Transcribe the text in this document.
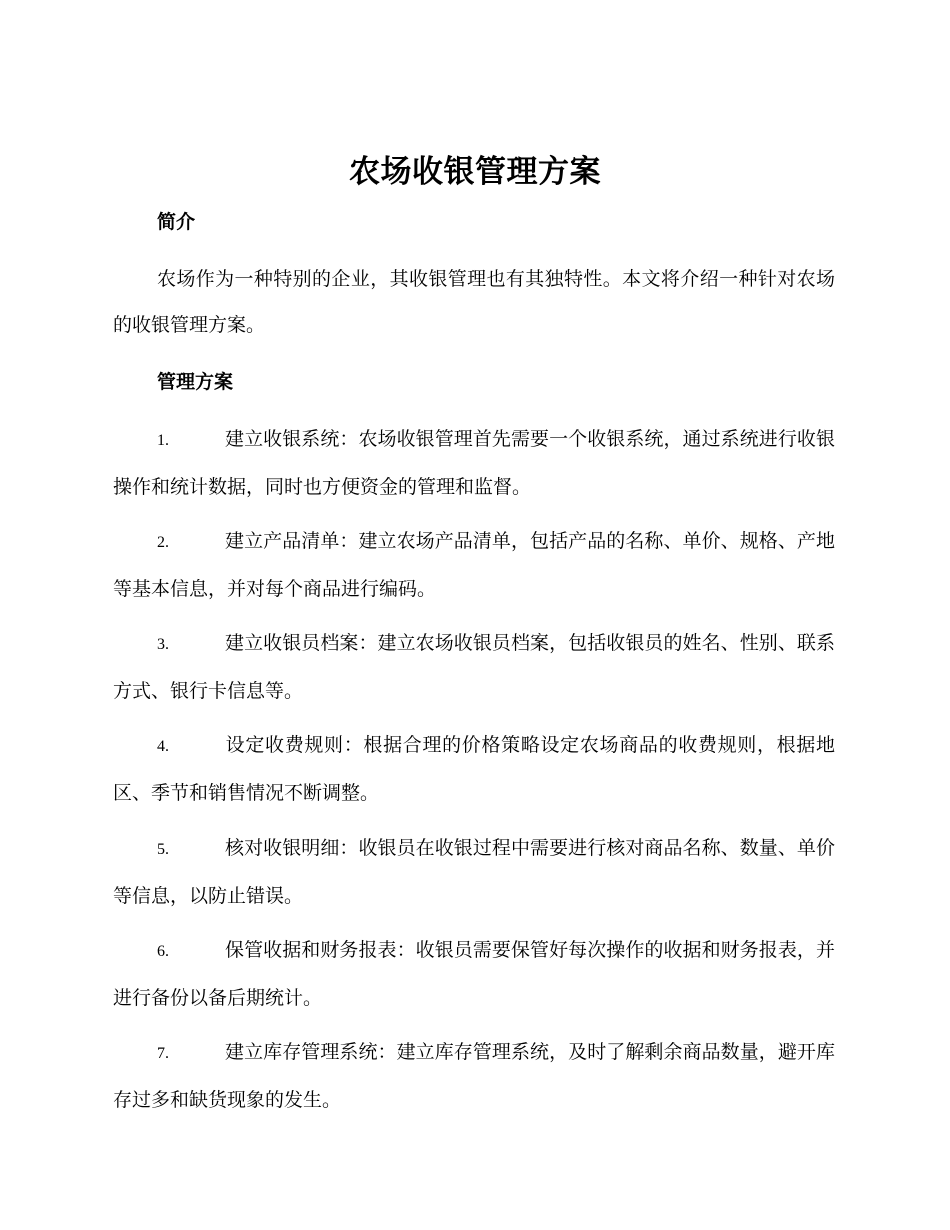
农场收银管理方案
简介

农场作为一种特别的企业，其收银管理也有其独特性。本文将介绍一种针对农场的收银管理方案。

管理方案
1.	建立收银系统：农场收银管理首先需要一个收银系统，通过系统进行收银操作和统计数据，同时也方便资金的管理和监督。
2.	建立产品清单：建立农场产品清单，包括产品的名称、单价、规格、产地等基本信息，并对每个商品进行编码。
3.	建立收银员档案：建立农场收银员档案，包括收银员的姓名、性别、联系方式、银行卡信息等。
4.	设定收费规则：根据合理的价格策略设定农场商品的收费规则，根据地区、季节和销售情况不断调整。
5.	核对收银明细：收银员在收银过程中需要进行核对商品名称、数量、单价等信息，以防止错误。
6.	保管收据和财务报表：收银员需要保管好每次操作的收据和财务报表，并进行备份以备后期统计。
7.	建立库存管理系统：建立库存管理系统，及时了解剩余商品数量，避开库存过多和缺货现象的发生。
